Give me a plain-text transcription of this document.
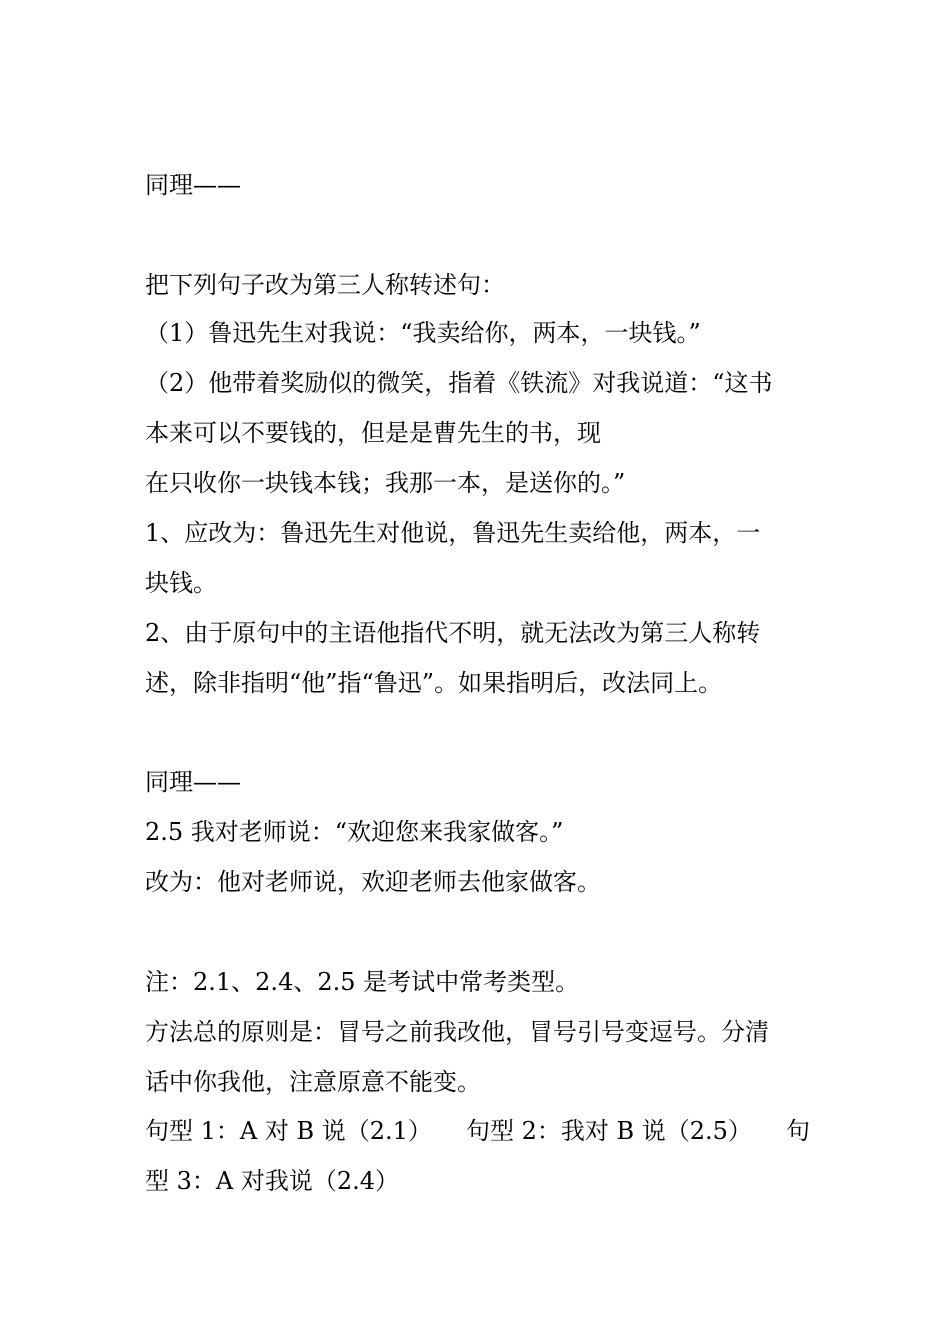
同理——
把下列句子改为第三人称转述句：
（1）鲁迅先生对我说：“我卖给你，两本，一块钱。”
（2）他带着奖励似的微笑，指着《铁流》对我说道：“这书
本来可以不要钱的，但是是曹先生的书，现
在只收你一块钱本钱；我那一本，是送你的。”
1、应改为：鲁迅先生对他说，鲁迅先生卖给他，两本，一
块钱。
2、由于原句中的主语他指代不明，就无法改为第三人称转
述，除非指明“他”指“鲁迅”。如果指明后，改法同上。
同理——
2.5 我对老师说：“欢迎您来我家做客。”
改为：他对老师说，欢迎老师去他家做客。
注：2.1、2.4、2.5 是考试中常考类型。
方法总的原则是：冒号之前我改他，冒号引号变逗号。分清
话中你我他，注意原意不能变。
句型 1：A 对 B 说（2.1） 句型 2：我对 B 说（2.5） 句
型 3：A 对我说（2.4）
